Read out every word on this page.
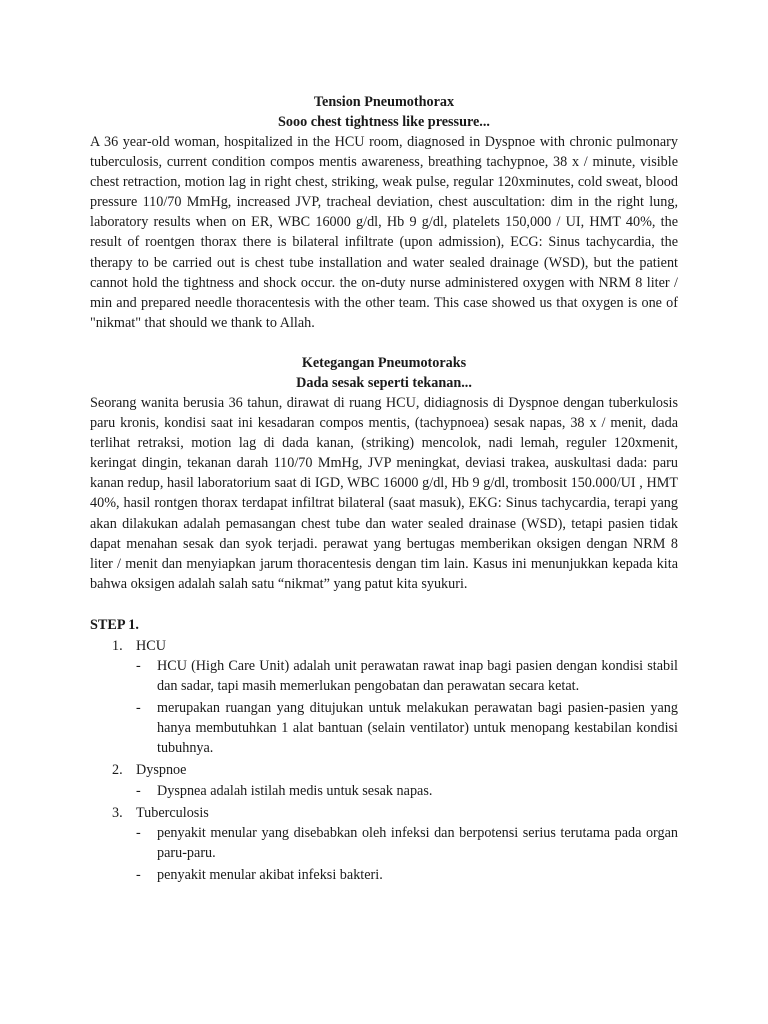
Tension Pneumothorax

Sooo chest tightness like pressure...

A 36 year-old woman, hospitalized in the HCU room, diagnosed in Dyspnoe with chronic pulmonary tuberculosis, current condition compos mentis awareness, breathing tachypnoe, 38 x / minute, visible chest retraction, motion lag in right chest, striking, weak pulse, regular 120xminutes, cold sweat, blood pressure 110/70 MmHg, increased JVP, tracheal deviation, chest auscultation: dim in the right lung, laboratory results when on ER, WBC 16000 g/dl, Hb 9 g/dl, platelets 150,000 / UI, HMT 40%, the result of roentgen thorax there is bilateral infiltrate (upon admission), ECG: Sinus tachycardia, the therapy to be carried out is chest tube installation and water sealed drainage (WSD), but the patient cannot hold the tightness and shock occur. the on-duty nurse administered oxygen with NRM 8 liter / min and prepared needle thoracentesis with the other team. This case showed us that oxygen is one of "nikmat" that should we thank to Allah.

Ketegangan Pneumotoraks

Dada sesak seperti tekanan...

Seorang wanita berusia 36 tahun, dirawat di ruang HCU, didiagnosis di Dyspnoe dengan tuberkulosis paru kronis, kondisi saat ini kesadaran compos mentis, (tachypnoea) sesak napas, 38 x / menit, dada terlihat retraksi, motion lag di dada kanan, (striking) mencolok, nadi lemah, reguler 120xmenit, keringat dingin, tekanan darah 110/70 MmHg, JVP meningkat, deviasi trakea, auskultasi dada: paru kanan redup, hasil laboratorium saat di IGD, WBC 16000 g/dl, Hb 9 g/dl, trombosit 150.000/UI , HMT 40%, hasil rontgen thorax terdapat infiltrat bilateral (saat masuk), EKG: Sinus tachycardia, terapi yang akan dilakukan adalah pemasangan chest tube dan water sealed drainase (WSD), tetapi pasien tidak dapat menahan sesak dan syok terjadi. perawat yang bertugas memberikan oksigen dengan NRM 8 liter / menit dan menyiapkan jarum thoracentesis dengan tim lain. Kasus ini menunjukkan kepada kita bahwa oksigen adalah salah satu “nikmat” yang patut kita syukuri.

STEP 1.
1. HCU
- HCU (High Care Unit) adalah unit perawatan rawat inap bagi pasien dengan kondisi stabil dan sadar, tapi masih memerlukan pengobatan dan perawatan secara ketat.
- merupakan ruangan yang ditujukan untuk melakukan perawatan bagi pasien-pasien yang hanya membutuhkan 1 alat bantuan (selain ventilator) untuk menopang kestabilan kondisi tubuhnya.
2. Dyspnoe
- Dyspnea adalah istilah medis untuk sesak napas.
3. Tuberculosis
- penyakit menular yang disebabkan oleh infeksi dan berpotensi serius terutama pada organ paru-paru.
- penyakit menular akibat infeksi bakteri.
